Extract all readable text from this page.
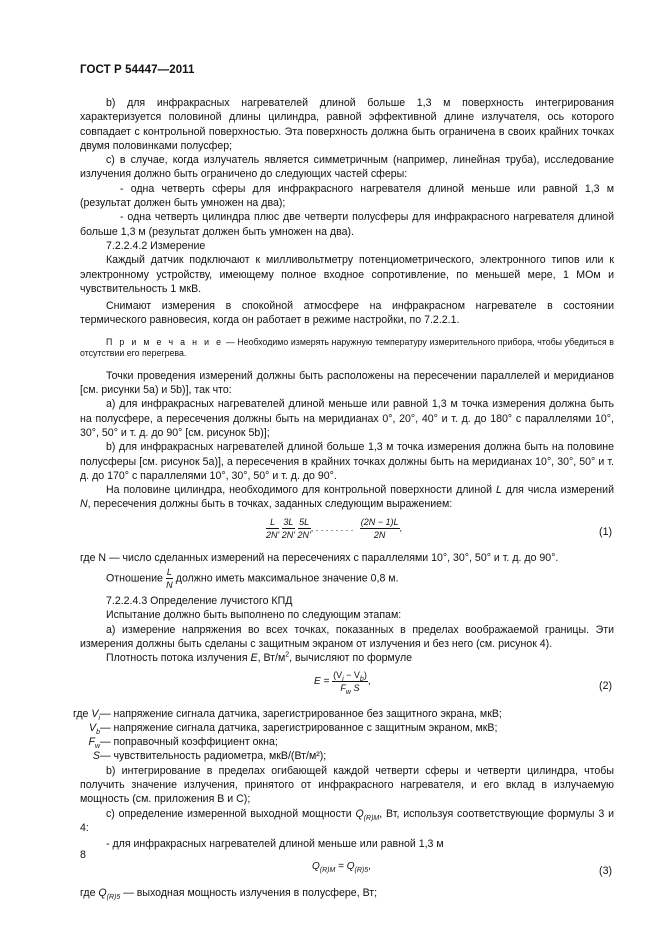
ГОСТ Р 54447—2011

b) для инфракрасных нагревателей длиной больше 1,3 м поверхность интегрирования характеризуется половиной длины цилиндра, равной эффективной длине излучателя, ось которого совпадает с контрольной поверхностью. Эта поверхность должна быть ограничена в своих крайних точках двумя половинками полусфер;

c) в случае, когда излучатель является симметричным (например, линейная труба), исследование излучения должно быть ограничено до следующих частей сферы:

- одна четверть сферы для инфракрасного нагревателя длиной меньше или равной 1,3 м (результат должен быть умножен на два);

- одна четверть цилиндра плюс две четверти полусферы для инфракрасного нагревателя длиной больше 1,3 м (результат должен быть умножен на два).

7.2.2.4.2 Измерение

Каждый датчик подключают к милливольтметру потенциометрического, электронного типов или к электронному устройству, имеющему полное входное сопротивление, по меньшей мере, 1 МОм и чувствительность 1 мкВ.

Снимают измерения в спокойной атмосфере на инфракрасном нагревателе в состоянии термического равновесия, когда он работает в режиме настройки, по 7.2.2.1.

П р и м е ч а н и е — Необходимо измерять наружную температуру измерительного прибора, чтобы убедиться в отсутствии его перегрева.

Точки проведения измерений должны быть расположены на пересечении параллелей и меридианов [см. рисунки 5a) и 5b)], так что:

a) для инфракрасных нагревателей длиной меньше или равной 1,3 м точка измерения должна быть на полусфере, а пересечения должны быть на меридианах 0°, 20°, 40° и т. д. до 180° с параллелями 10°, 30°, 50° и т. д. до 90° [см. рисунок 5b)];

b) для инфракрасных нагревателей длиной больше 1,3 м точка измерения должна быть на половине полусферы [см. рисунок 5a)], а пересечения в крайних точках должны быть на меридианах 10°, 30°, 50° и т. д. до 170° с параллелями 10°, 30°, 50° и т. д. до 90°.

На половине цилиндра, необходимого для контрольной поверхности длиной L для числа измерений N, пересечения должны быть в точках, заданных следующим выражением:

$\frac{L}{2N'}$
$\frac{3L}{2N'}$
$\frac{5L}{2N'}$ , . . . . . . . . $\frac{(2N - 1)L}{2N}$ ,	(1)

где N — число сделанных измерений на пересечениях с параллелями 10°, 30°, 50° и т. д. до 90°.

Отношение $\frac{L}{N}$ должно иметь максимальное значение 0,8 м.

7.2.2.4.3 Определение лучистого КПД

Испытание должно быть выполнено по следующим этапам:

a) измерение напряжения во всех точках, показанных в пределах воображаемой границы. Эти измерения должны быть сделаны с защитным экраном от излучения и без него (см. рисунок 4).

Плотность потока излучения E, $Вт/м^2$, вычисляют по формуле

$E = \frac{(V_i - V_b)}{F_w S}$ ,	(2)
где $V_i$ — напряжение сигнала датчика, зарегистрированное без защитного экрана, мкВ;
$V_b$ — напряжение сигнала датчика, зарегистрированное с защитным экраном, мкВ;
$F_w$ — поправочный коэффициент окна;
S — чувствительность радиометра, мкВ/(Вт/м²);

b) интегрирование в пределах огибающей каждой четверти сферы и четверти цилиндра, чтобы получить значение излучения, принятого от инфракрасного нагревателя, и его вклад в излучаемую мощность (см. приложения B и C);

c) определение измеренной выходной мощности $Q_{(R)M}$, Вт, используя соответствующие формулы 3 и 4:

- для инфракрасных нагревателей длиной меньше или равной 1,3 м

$Q_{(R)M} = Q_{(R)5}$,	(3)

где $Q_{(R)5}$ — выходная мощность излучения в полусфере, Вт;

8
